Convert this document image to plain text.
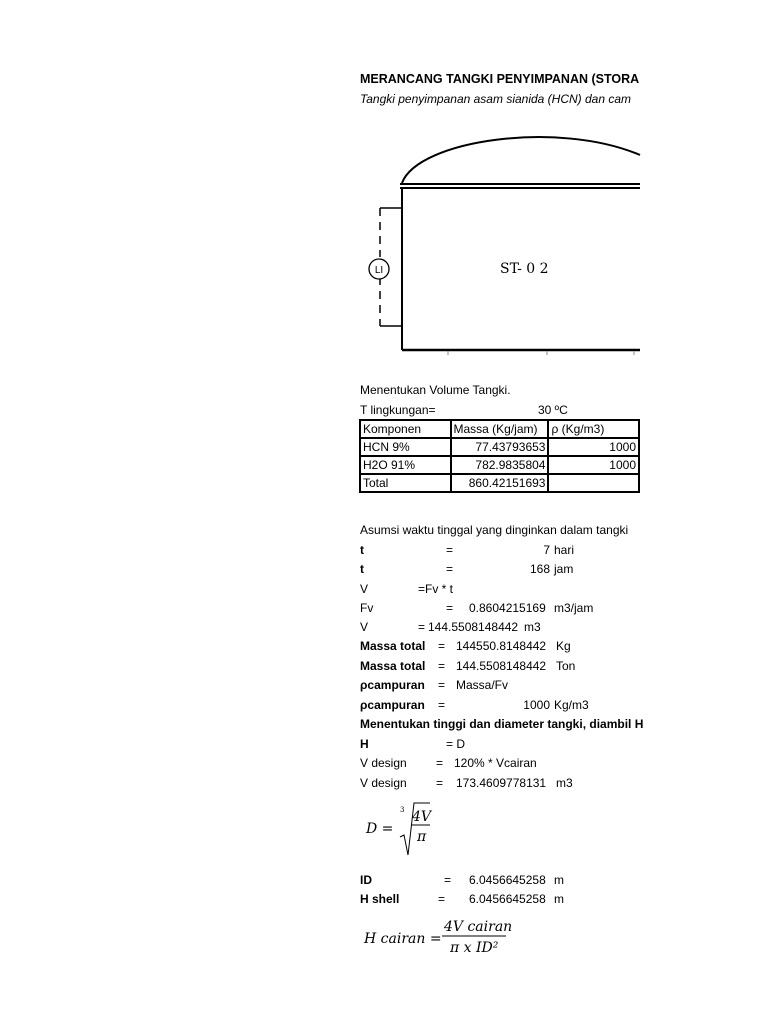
MERANCANG TANGKI PENYIMPANAN (STORA
Tangki penyimpanan asam sianida (HCN) dan cam
LI	ST- 0 2
Menentukan Volume Tangki.
T lingkungan=	30 ºC
Komponen	Massa (Kg/jam)	ρ (Kg/m3)
HCN 9%	77.43793653	1000
H2O 91%	782.9835804	1000
Total	860.42151693	
Asumsi waktu tinggal yang dinginkan dalam tangki
t	=	7 hari
t	=	168 jam
V	=Fv * t
Fv	= 0.8604215169 m3/jam
V	= 144.5508148442 m3
Massa total = 144550.8148442 Kg
Massa total = 144.5508148442 Ton
ρcampuran = Massa/Fv
ρcampuran =	1000 Kg/m3
Menentukan tinggi dan diameter tangki, diambil H
H	= D
V design = 120% * Vcairan
V design = 173.4609778131 m3
D =
3 4V
π
ID	= 6.0456645258 m
H shell	= 6.0456645258 m
H cairan =
4V cairan
π x ID²
